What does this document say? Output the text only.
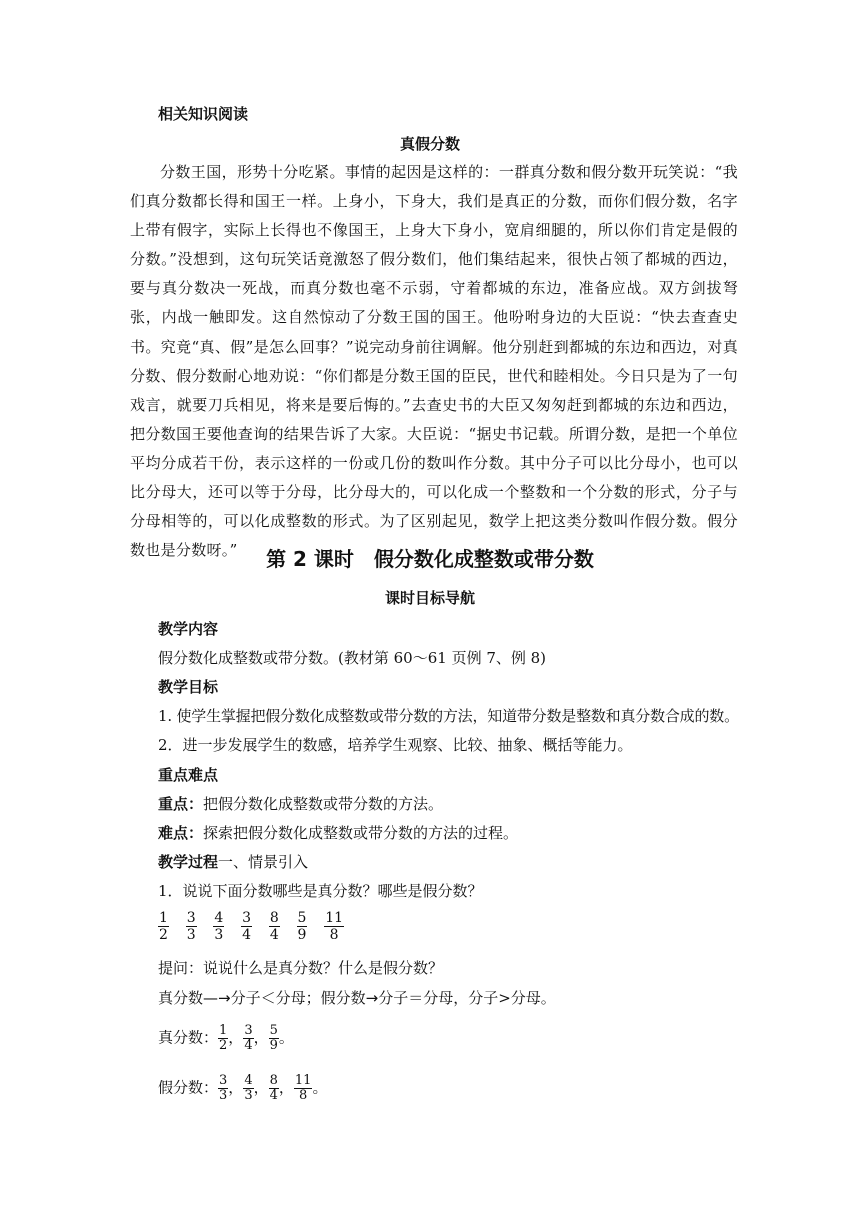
相关知识阅读
真假分数
分数王国，形势十分吃紧。事情的起因是这样的：一群真分数和假分数开玩笑说：“我们真分数都长得和国王一样。上身小，下身大，我们是真正的分数，而你们假分数，名字上带有假字，实际上长得也不像国王，上身大下身小，宽肩细腿的，所以你们肯定是假的分数。”没想到，这句玩笑话竟激怒了假分数们，他们集结起来，很快占领了都城的西边，要与真分数决一死战，而真分数也毫不示弱，守着都城的东边，准备应战。双方剑拔弩张，内战一触即发。这自然惊动了分数王国的国王。他吩咐身边的大臣说：“快去查查史书。究竟“真、假”是怎么回事？”说完动身前往调解。他分别赶到都城的东边和西边，对真分数、假分数耐心地劝说：“你们都是分数王国的臣民，世代和睦相处。今日只是为了一句戏言，就要刀兵相见，将来是要后悔的。”去查史书的大臣又匆匆赶到都城的东边和西边，把分数国王要他查询的结果告诉了大家。大臣说：“据史书记载。所谓分数，是把一个单位平均分成若干份，表示这样的一份或几份的数叫作分数。其中分子可以比分母小，也可以比分母大，还可以等于分母，比分母大的，可以化成一个整数和一个分数的形式，分子与分母相等的，可以化成整数的形式。为了区别起见，数学上把这类分数叫作假分数。假分数也是分数呀。”	第 2 课时　假分数化成整数或带分数
课时目标导航
教学内容
假分数化成整数或带分数。(教材第 60～61 页例 7、例 8)
教学目标
1. 使学生掌握把假分数化成整数或带分数的方法，知道带分数是整数和真分数合成的数。
2．进一步发展学生的数感，培养学生观察、比较、抽象、概括等能力。
重点难点
重点：把假分数化成整数或带分数的方法。
难点：探索把假分数化成整数或带分数的方法的过程。
教学过程一、情景引入
1．说说下面分数哪些是真分数？哪些是假分数？
$\frac{1}{2}$
$\frac{3}{3}$
$\frac{4}{3}$
$\frac{3}{4}$
$\frac{8}{4}$
$\frac{5}{9}$
$\frac{11}{8}$
提问：说说什么是真分数？什么是假分数？
真分数—→分子＜分母；假分数→分子＝分母，分子>分母。
真分数： $\frac{1}{2}$ ， $\frac{3}{4}$ ， $\frac{5}{9}$ 。
假分数： $\frac{3}{3}$ ， $\frac{4}{3}$ ， $\frac{8}{4}$ ， $\frac{11}{8}$ 。
